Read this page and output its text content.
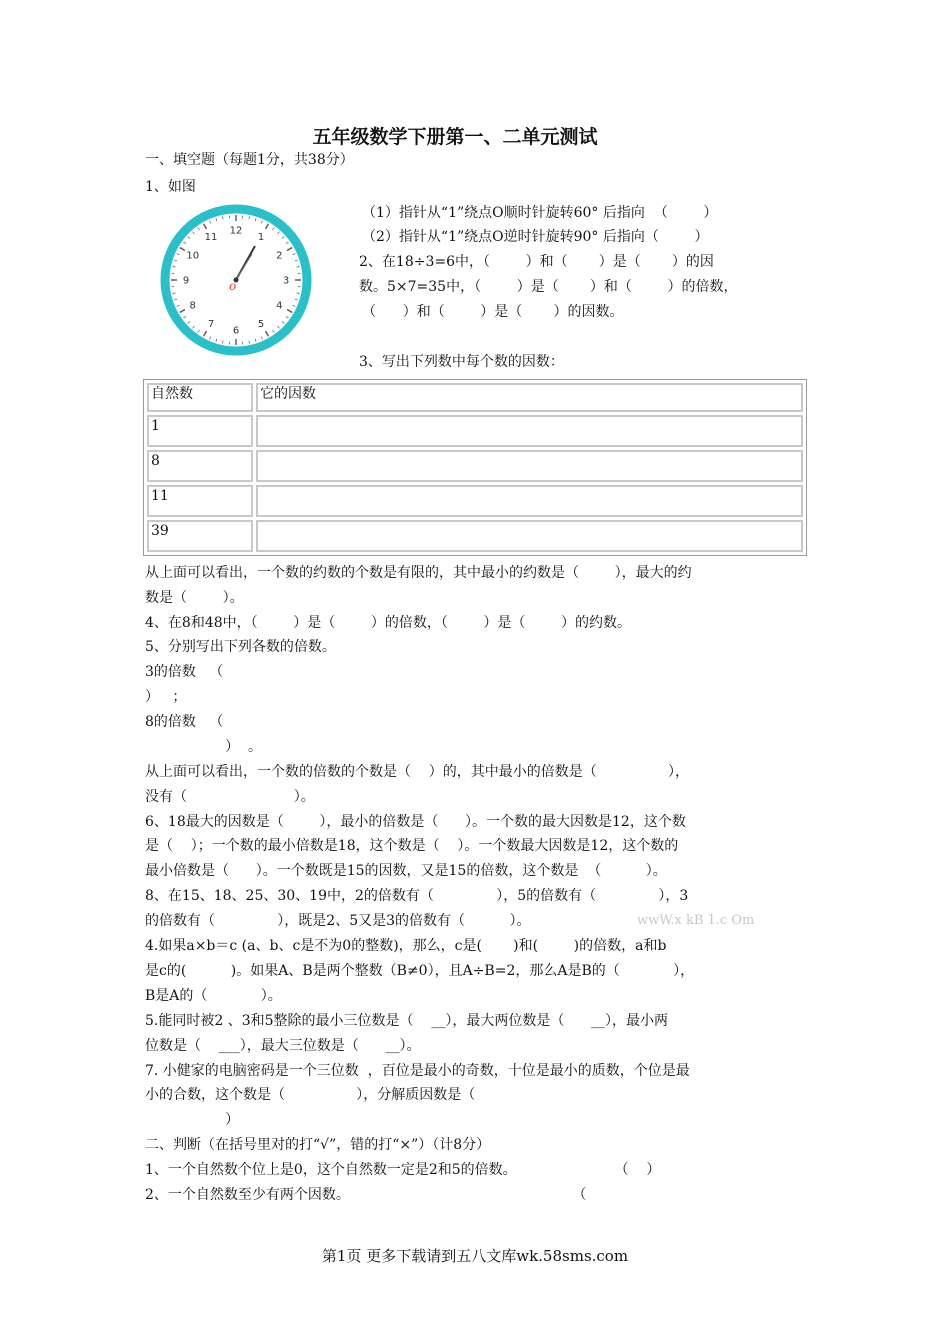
五年级数学下册第一、二单元测试
一、填空题（每题1分，共38分）
1、如图
12
1
2
3
4
5
6
7
8
9
10
11
o
（1）指针从“1”绕点O顺时针旋转60° 后指向  （        ）
（2）指针从“1”绕点O逆时针旋转90° 后指向（        ）
2、在18÷3=6中，（        ）和（       ）是（       ）的因
数。5×7=35中，（        ）是（       ）和（        ）的倍数，
（      ）和（        ）是（       ）的因数。
3、写出下列数中每个数的因数：
自然数	它的因数
1	
8	
11	
39	
从上面可以看出，一个数的约数的个数是有限的，其中最小的约数是（        ），最大的约
数是（        ）。
4、在8和48中，（        ）是（        ）的倍数，（        ）是（        ）的约数。
5、分别写出下列各数的倍数。
3的倍数   （
）   ；
8的倍数   （
）  。
从上面可以看出，一个数的倍数的个数是（    ）的，其中最小的倍数是（                ），
没有（                        ）。
6、18最大的因数是（        ），最小的倍数是（      ）。一个数的最大因数是12，这个数
是（    ）；一个数的最小倍数是18，这个数是（    ）。一个数最大因数是12，这个数的
最小倍数是（      ）。一个数既是15的因数，又是15的倍数，这个数是  （          ）。
8、在15、18、25、30、19中，2的倍数有（              ），5的倍数有（              ），3
的倍数有（              ），既是2、5又是3的倍数有（          ）。	wwW.x kB 1.c Om
4.如果a×b＝c (a、b、c是不为0的整数)，那么，c是(       )和(        )的倍数，a和b
是c的(          )。如果A、B是两个整数（B≠0），且A÷B=2，那么A是B的（            ），
B是A的（            ）。
5.能同时被2 、3和5整除的最小三位数是（    __），最大两位数是（      __），最小两
位数是（    ___），最大三位数是（      __）。
7. 小健家的电脑密码是一个三位数  ，百位是最小的奇数，十位是最小的质数，个位是最
小的合数，这个数是（                ），分解质因数是（
）
二、判断（在括号里对的打“√”，错的打“×”）（计8分）
1、一个自然数个位上是0，这个自然数一定是2和5的倍数。                      （    ）
2、一个自然数至少有两个因数。                                                  （
第1页 更多下载请到五八文库wk.58sms.com
